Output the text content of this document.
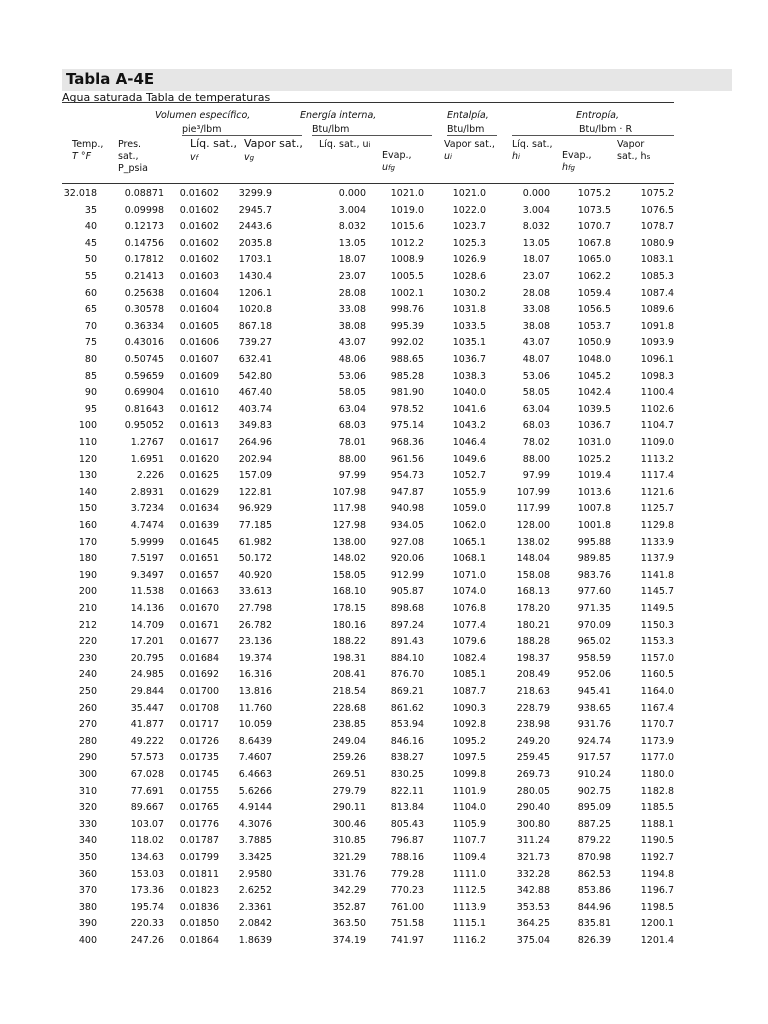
Tabla A-4E
Agua saturada Tabla de temperaturas
Volumen específico,
pie³/lbm
Energía interna,
Btu/lbm
Entalpía,
Btu/lbm
Entropía,
Btu/lbm · R
Temp.,
T °F
Pres.
sat.,
P_psia
Líq. sat.,
vf
Vapor sat.,
vg
Líq. sat., ui
Evap.,
ufg
Vapor sat.,
ui
Líq. sat.,
hi	Evap.,
hfg
Vapor
sat., hs
32.018	0.08871 0.01602 3299.9	0.000	1021.0	1021.0	0.000	1075.2	1075.2
35	0.09998 0.01602 2945.7	3.004	1019.0	1022.0	3.004	1073.5	1076.5
40	0.12173 0.01602 2443.6	8.032	1015.6	1023.7	8.032	1070.7	1078.7
45	0.14756 0.01602 2035.8	13.05	1012.2	1025.3	13.05	1067.8	1080.9
50	0.17812 0.01602 1703.1	18.07	1008.9	1026.9	18.07	1065.0	1083.1
55	0.21413 0.01603 1430.4	23.07	1005.5	1028.6	23.07	1062.2	1085.3
60	0.25638 0.01604 1206.1	28.08	1002.1	1030.2	28.08	1059.4	1087.4
65	0.30578 0.01604 1020.8	33.08	998.76	1031.8	33.08	1056.5	1089.6
70	0.36334 0.01605 867.18	38.08	995.39	1033.5	38.08	1053.7	1091.8
75	0.43016 0.01606 739.27	43.07	992.02	1035.1	43.07	1050.9	1093.9
80	0.50745 0.01607 632.41	48.06	988.65	1036.7	48.07	1048.0	1096.1
85	0.59659 0.01609 542.80	53.06	985.28	1038.3	53.06	1045.2	1098.3
90	0.69904 0.01610 467.40	58.05	981.90	1040.0	58.05	1042.4	1100.4
95	0.81643 0.01612 403.74	63.04	978.52	1041.6	63.04	1039.5	1102.6
100	0.95052 0.01613 349.83	68.03	975.14	1043.2	68.03	1036.7	1104.7
110	1.2767 0.01617 264.96	78.01	968.36	1046.4	78.02	1031.0	1109.0
120	1.6951 0.01620 202.94	88.00	961.56	1049.6	88.00	1025.2	1113.2
130	2.226 0.01625 157.09	97.99	954.73	1052.7	97.99	1019.4	1117.4
140	2.8931 0.01629 122.81	107.98	947.87	1055.9	107.99	1013.6	1121.6
150	3.7234 0.01634 96.929	117.98	940.98	1059.0	117.99	1007.8	1125.7
160	4.7474 0.01639 77.185	127.98	934.05	1062.0	128.00	1001.8	1129.8
170	5.9999 0.01645 61.982	138.00	927.08	1065.1	138.02	995.88	1133.9
180	7.5197 0.01651 50.172	148.02	920.06	1068.1	148.04	989.85	1137.9
190	9.3497 0.01657 40.920	158.05	912.99	1071.0	158.08	983.76	1141.8
200	11.538 0.01663 33.613	168.10	905.87	1074.0	168.13	977.60	1145.7
210	14.136 0.01670 27.798	178.15	898.68	1076.8	178.20	971.35	1149.5
212	14.709 0.01671 26.782	180.16	897.24	1077.4	180.21	970.09	1150.3
220	17.201 0.01677 23.136	188.22	891.43	1079.6	188.28	965.02	1153.3
230	20.795 0.01684 19.374	198.31	884.10	1082.4	198.37	958.59	1157.0
240	24.985 0.01692 16.316	208.41	876.70	1085.1	208.49	952.06	1160.5
250	29.844 0.01700 13.816	218.54	869.21	1087.7	218.63	945.41	1164.0
260	35.447 0.01708 11.760	228.68	861.62	1090.3	228.79	938.65	1167.4
270	41.877 0.01717 10.059	238.85	853.94	1092.8	238.98	931.76	1170.7
280	49.222 0.01726 8.6439	249.04	846.16	1095.2	249.20	924.74	1173.9
290	57.573 0.01735 7.4607	259.26	838.27	1097.5	259.45	917.57	1177.0
300	67.028 0.01745 6.4663	269.51	830.25	1099.8	269.73	910.24	1180.0
310	77.691 0.01755 5.6266	279.79	822.11	1101.9	280.05	902.75	1182.8
320	89.667 0.01765 4.9144	290.11	813.84	1104.0	290.40	895.09	1185.5
330	103.07 0.01776 4.3076	300.46	805.43	1105.9	300.80	887.25	1188.1
340	118.02 0.01787 3.7885	310.85	796.87	1107.7	311.24	879.22	1190.5
350	134.63 0.01799 3.3425	321.29	788.16	1109.4	321.73	870.98	1192.7
360	153.03 0.01811 2.9580	331.76	779.28	1111.0	332.28	862.53	1194.8
370	173.36 0.01823 2.6252	342.29	770.23	1112.5	342.88	853.86	1196.7
380	195.74 0.01836 2.3361	352.87	761.00	1113.9	353.53	844.96	1198.5
390	220.33 0.01850 2.0842	363.50	751.58	1115.1	364.25	835.81	1200.1
400	247.26 0.01864 1.8639	374.19	741.97	1116.2	375.04	826.39	1201.4
